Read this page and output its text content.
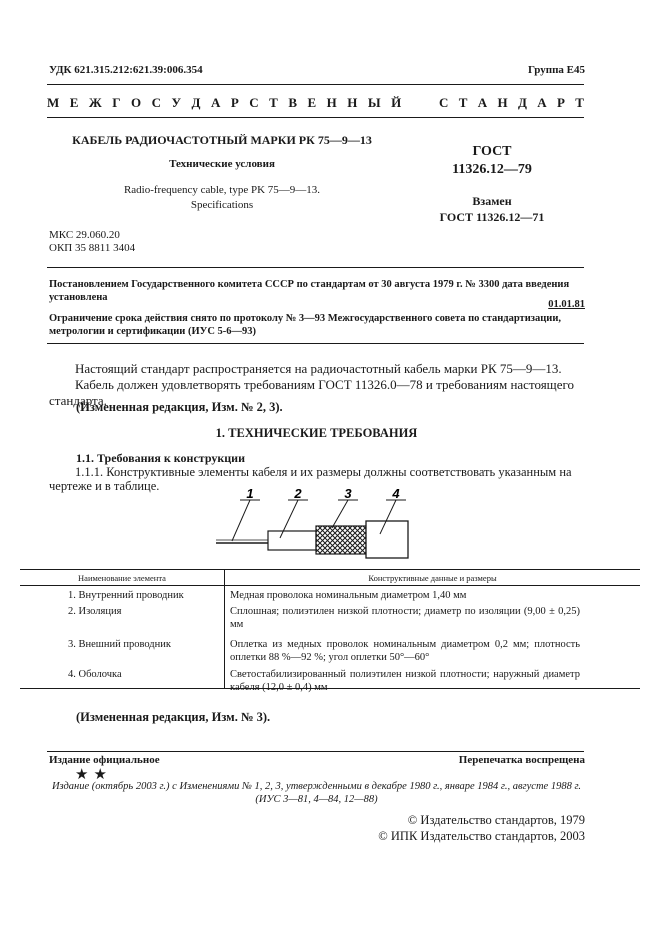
УДК 621.315.212:621.39:006.354	Группа Е45
М Е Ж Г О С У Д А Р С Т В Е Н Н Ы Й	С Т А Н Д А Р Т
КАБЕЛЬ РАДИОЧАСТОТНЫЙ МАРКИ РК 75—9—13
Технические условия
Radio-frequency cable, type PK 75—9—13.
Specifications
ГОСТ
11326.12—79
Взамен
ГОСТ 11326.12—71
МКС 29.060.20
ОКП 35 8811 3404
Постановлением Государственного комитета СССР по стандартам от 30 августа 1979 г. № 3300 дата введения установлена
01.01.81
Ограничение срока действия снято по протоколу № 3—93 Межгосударственного совета по стандартизации, метрологии и сертификации (ИУС 5-6—93)
Настоящий стандарт распространяется на радиочастотный кабель марки РК 75—9—13.
Кабель должен удовлетворять требованиям ГОСТ 11326.0—78 и требованиям настоящего стандарта.
(Измененная редакция, Изм. № 2, 3).
1. ТЕХНИЧЕСКИЕ ТРЕБОВАНИЯ
1.1. Требования к конструкции
1.1.1. Конструктивные элементы кабеля и их размеры должны соответствовать указанным на чертеже и в таблице.	1	2	3	4
Наименование элемента	Конструктивные данные и размеры
1. Внутренний проводник	Медная проволока номинальным диаметром 1,40 мм
2. Изоляция	Сплошная; полиэтилен низкой плотности; диаметр по изоляции (9,00 ± 0,25) мм
3. Внешний проводник	Оплетка из медных проволок номинальным диаметром 0,2 мм; плотность оплетки 88 %—92 %; угол оплетки 50°—60°
4. Оболочка	Светостабилизированный полиэтилен низкой плотности; наружный диаметр кабеля (12,0 ± 0,4) мм
(Измененная редакция, Изм. № 3).
Издание официальное	Перепечатка воспрещена
★★
Издание (октябрь 2003 г.) с Изменениями № 1, 2, 3, утвержденными в декабре 1980 г., январе 1984 г., августе 1988 г. (ИУС 3—81, 4—84, 12—88)
© Издательство стандартов, 1979
© ИПК Издательство стандартов, 2003
